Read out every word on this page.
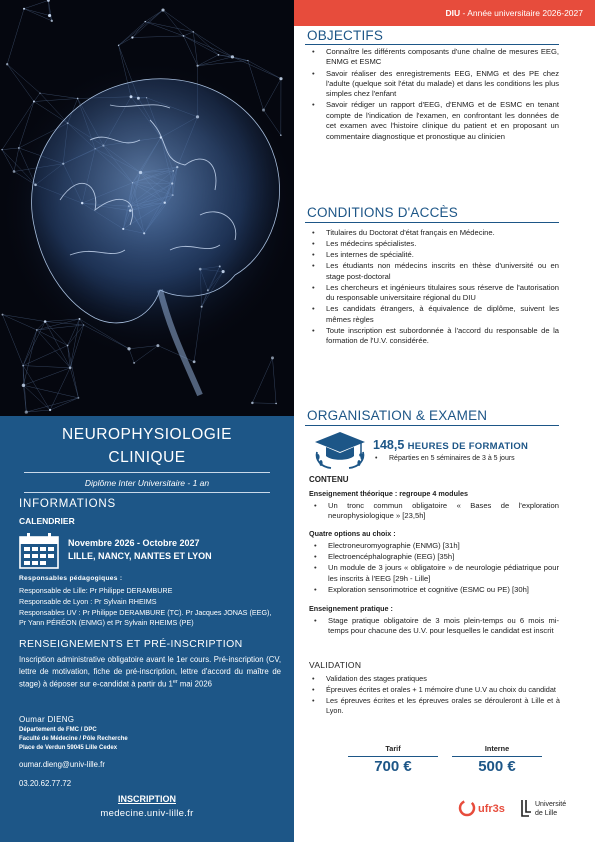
NEUROPHYSIOLOGIE
CLINIQUE
Diplôme Inter Universitaire - 1 an
INFORMATIONS
CALENDRIER
Novembre 2026 - Octobre 2027
LILLE, NANCY, NANTES ET LYON
Responsables pédagogiques :
Responsable de Lille: Pr Philippe DERAMBURE
Responsable de Lyon : Pr Sylvain RHEIMS
Responsables UV : Pr Philippe DERAMBURE (TC). Pr Jacques JONAS (EEG), Pr Yann PÉRÉON (ENMG) et Pr Sylvain RHEIMS (PE)
RENSEIGNEMENTS ET PRÉ-INSCRIPTION
Inscription administrative obligatoire avant le 1er cours. Pré-inscription (CV, lettre de motivation, fiche de pré-inscription, lettre d'accord du maître de stage) à déposer sur e-candidat à partir du 1er mai 2026
Oumar DIENG
Département de FMC / DPC
Faculté de Médecine / Pôle Recherche
Place de Verdun 59045 Lille Cedex
oumar.dieng@univ-lille.fr
03.20.62.77.72
INSCRIPTION
medecine.univ-lille.fr
DIU - Année universitaire 2026-2027
OBJECTIFS
• Connaître les différents composants d'une chaîne de mesures EEG, ENMG et ESMC
• Savoir réaliser des enregistrements EEG, ENMG et des PE chez l'adulte (quelque soit l'état du malade) et dans les conditions les plus simples chez l'enfant
• Savoir rédiger un rapport d'EEG, d'ENMG et de ESMC en tenant compte de l'indication de l'examen, en confrontant les données de cet examen avec l'histoire clinique du patient et en proposant un commentaire diagnostique et pronostique au clinicien
CONDITIONS D'ACCÈS
• Titulaires du Doctorat d'état français en Médecine.
• Les médecins spécialistes.
• Les internes de spécialité.
• Les étudiants non médecins inscrits en thèse d'université ou en stage post-doctoral
• Les chercheurs et ingénieurs titulaires sous réserve de l'autorisation du responsable universitaire régional du DIU
• Les candidats étrangers, à équivalence de diplôme, suivent les mêmes règles
• Toute inscription est subordonnée à l'accord du responsable de la formation de l'U.V. considérée.
ORGANISATION & EXAMEN
148,5 HEURES DE FORMATION
• Réparties en 5 séminaires de 3 à 5 jours
CONTENU
Enseignement théorique : regroupe 4 modules
• Un tronc commun obligatoire « Bases de l'exploration neurophysiologique » [23,5h]
Quatre options au choix :
• Electroneuromyographie (ENMG) [31h]
• Electroencéphalographie (EEG) [35h]
• Un module de 3 jours « obligatoire » de neurologie pédiatrique pour les inscrits à l'EEG [29h - Lille]
• Exploration sensorimotrice et cognitive (ESMC ou PE) [30h]
Enseignement pratique :
• Stage pratique obligatoire de 3 mois plein-temps ou 6 mois mi-temps pour chacune des U.V. pour lesquelles le candidat est inscrit
VALIDATION
• Validation des stages pratiques
• Épreuves écrites et orales + 1 mémoire d'une U.V au choix du candidat
• Les épreuves écrites et les épreuves orales se dérouleront à Lille et à Lyon.
Tarif
700 €
Interne
500 €
ufr3s	Université
de Lille
